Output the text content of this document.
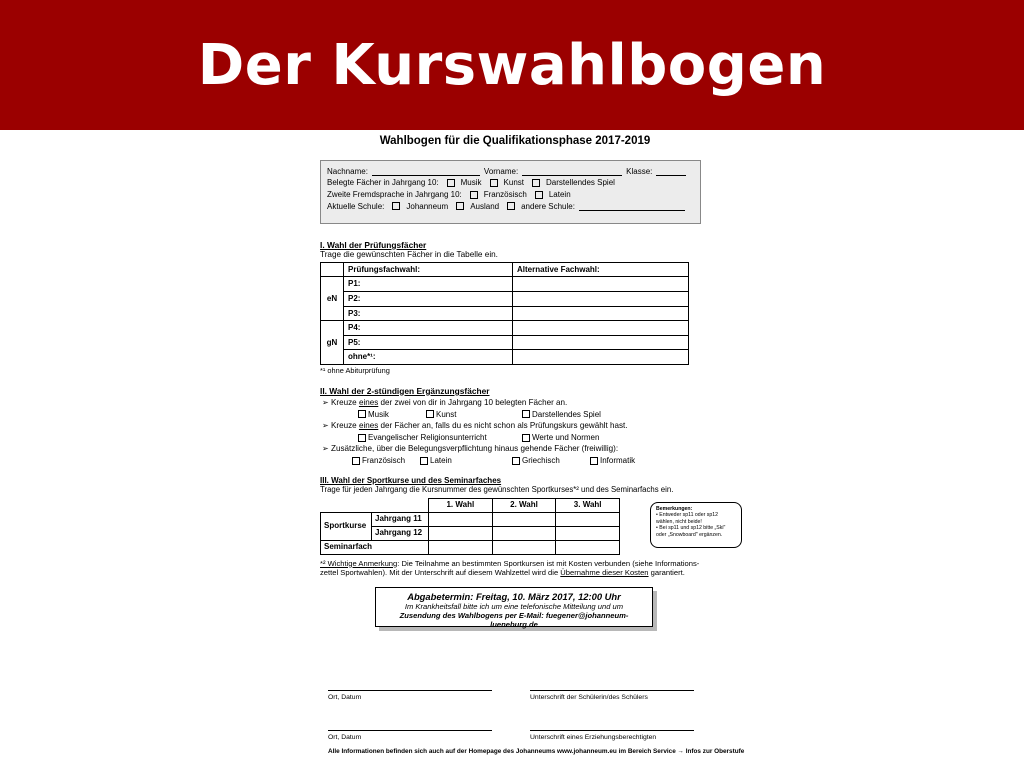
Der Kurswahlbogen
Wahlbogen für die Qualifikationsphase 2017-2019
Nachname:	Vorname:	Klasse:
Belegte Fächer in Jahrgang 10:	Musik	Kunst	Darstellendes Spiel
Zweite Fremdsprache in Jahrgang 10:	Französisch	Latein
Aktuelle Schule:	Johanneum	Ausland	andere Schule:
I. Wahl der Prüfungsfächer
Trage die gewünschten Fächer in die Tabelle ein.
	Prüfungsfachwahl:	Alternative Fachwahl:
eN	P1:	
	P2:	
	P3:	
gN	P4:	
	P5:	
	ohne*¹:	
*¹ ohne Abiturprüfung
II. Wahl der 2-stündigen Ergänzungsfächer
➢ Kreuze eines der zwei von dir in Jahrgang 10 belegten Fächer an.
Musik	Kunst	Darstellendes Spiel
➢ Kreuze eines der Fächer an, falls du es nicht schon als Prüfungskurs gewählt hast.
Evangelischer Religionsunterricht	Werte und Normen
➢ Zusätzliche, über die Belegungsverpflichtung hinaus gehende Fächer (freiwillig):
Französisch	Latein	Griechisch	Informatik
III. Wahl der Sportkurse und des Seminarfaches
Trage für jeden Jahrgang die Kursnummer des gewünschten Sportkurses*² und des Seminarfachs ein.
		1. Wahl	2. Wahl	3. Wahl
Sportkurse	Jahrgang 11			
	Jahrgang 12			
Seminarfach				
Bemerkungen:
• Entweder sp11 oder sp12 wählen, nicht beide!
• Bei sp11 und sp12 bitte „Ski" oder „Snowboard" ergänzen.
*² Wichtige Anmerkung: Die Teilnahme an bestimmten Sportkursen ist mit Kosten verbunden (siehe Informations-
zettel Sportwahlen). Mit der Unterschrift auf diesem Wahlzettel wird die Übernahme dieser Kosten garantiert.
Abgabetermin: Freitag, 10. März 2017, 12:00 Uhr
Im Krankheitsfall bitte ich um eine telefonische Mitteilung und um
Zusendung des Wahlbogens per E-Mail: fuegener@johanneum-lueneburg.de
Ort, Datum	Unterschrift der Schülerin/des Schülers
Ort, Datum	Unterschrift eines Erziehungsberechtigten
Alle Informationen befinden sich auch auf der Homepage des Johanneums www.johanneum.eu im Bereich Service → Infos zur Oberstufe
